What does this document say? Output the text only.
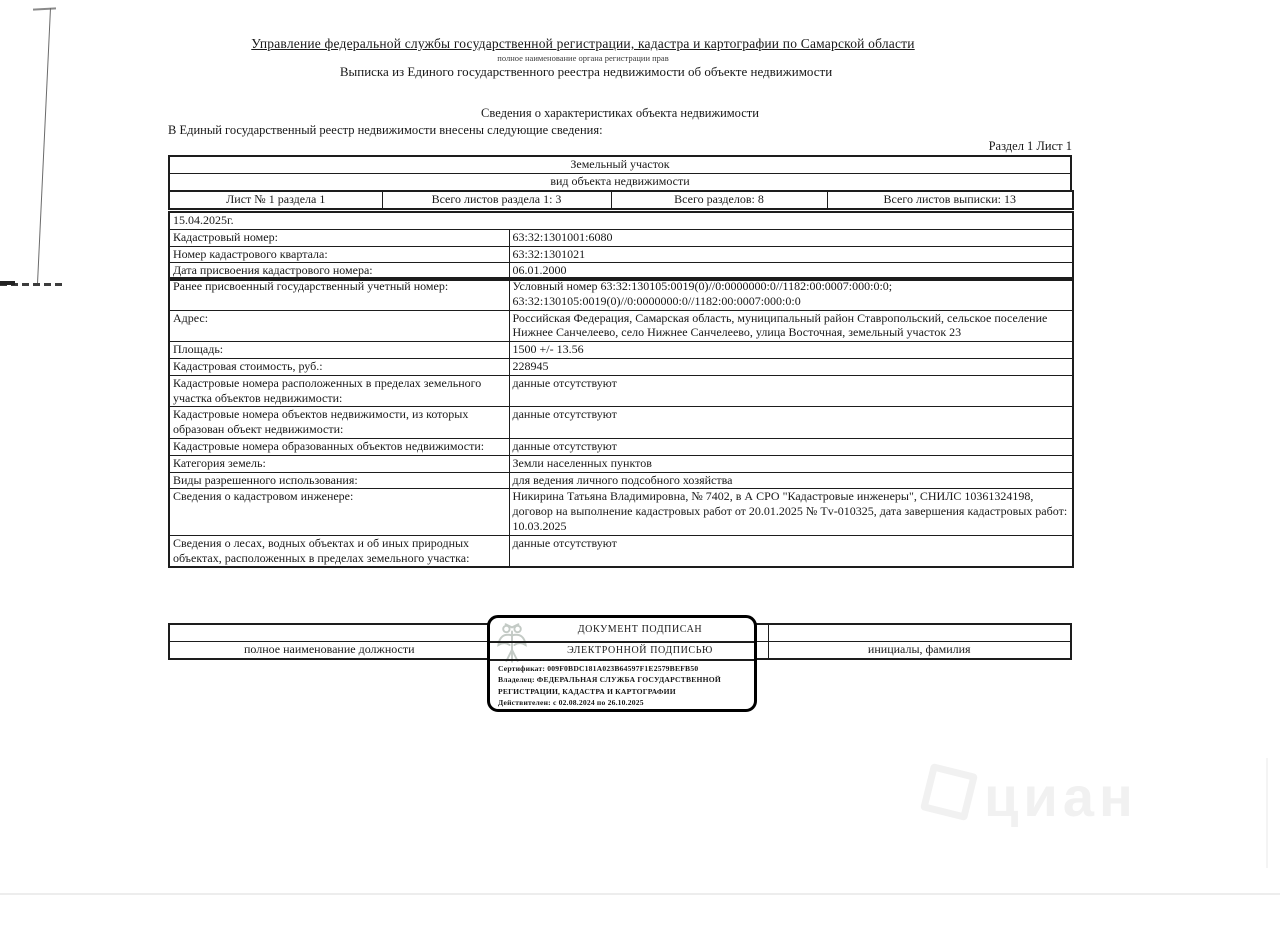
Управление федеральной службы государственной регистрации, кадастра и картографии по Самарской области
полное наименование органа регистрации прав
Выписка из Единого государственного реестра недвижимости об объекте недвижимости
Сведения о характеристиках объекта недвижимости
В Единый государственный реестр недвижимости внесены следующие сведения:
Раздел 1 Лист 1
Земельный участок
вид объекта недвижимости
Лист № 1 раздела 1	Всего листов раздела 1: 3	Всего разделов: 8	Всего листов выписки: 13
15.04.2025г.	
Кадастровый номер:	63:32:1301001:6080
Номер кадастрового квартала:	63:32:1301021
Дата присвоения кадастрового номера:	06.01.2000
Ранее присвоенный государственный учетный номер:	Условный номер 63:32:130105:0019(0)//0:0000000:0//1182:00:0007:000:0:0; 63:32:130105:0019(0)//0:0000000:0//1182:00:0007:000:0:0
Адрес:	Российская Федерация, Самарская область, муниципальный район Ставропольский, сельское поселение Нижнее Санчелеево, село Нижнее Санчелеево, улица Восточная, земельный участок 23
Площадь:	1500 +/- 13.56
Кадастровая стоимость, руб.:	228945
Кадастровые номера расположенных в пределах земельного участка объектов недвижимости:	данные отсутствуют
Кадастровые номера объектов недвижимости, из которых образован объект недвижимости:	данные отсутствуют
Кадастровые номера образованных объектов недвижимости:	данные отсутствуют
Категория земель:	Земли населенных пунктов
Виды разрешенного использования:	для ведения личного подсобного хозяйства
Сведения о кадастровом инженере:	Никирина Татьяна Владимировна, № 7402, в А СРО "Кадастровые инженеры", СНИЛС 10361324198, договор на выполнение кадастровых работ от 20.01.2025 № Tv-010325, дата завершения кадастровых работ: 10.03.2025
Сведения о лесах, водных объектах и об иных природных объектах, расположенных в пределах земельного участка:	данные отсутствуют

полное наименование должности		инициалы, фамилия
ДОКУМЕНТ ПОДПИСАН
ЭЛЕКТРОННОЙ ПОДПИСЬЮ
Сертификат: 009F0BDC181A023B64597F1E2579BEFB50
Владелец: ФЕДЕРАЛЬНАЯ СЛУЖБА ГОСУДАРСТВЕННОЙ
РЕГИСТРАЦИИ, КАДАСТРА И КАРТОГРАФИИ
Действителен: с 02.08.2024 по 26.10.2025
циан
